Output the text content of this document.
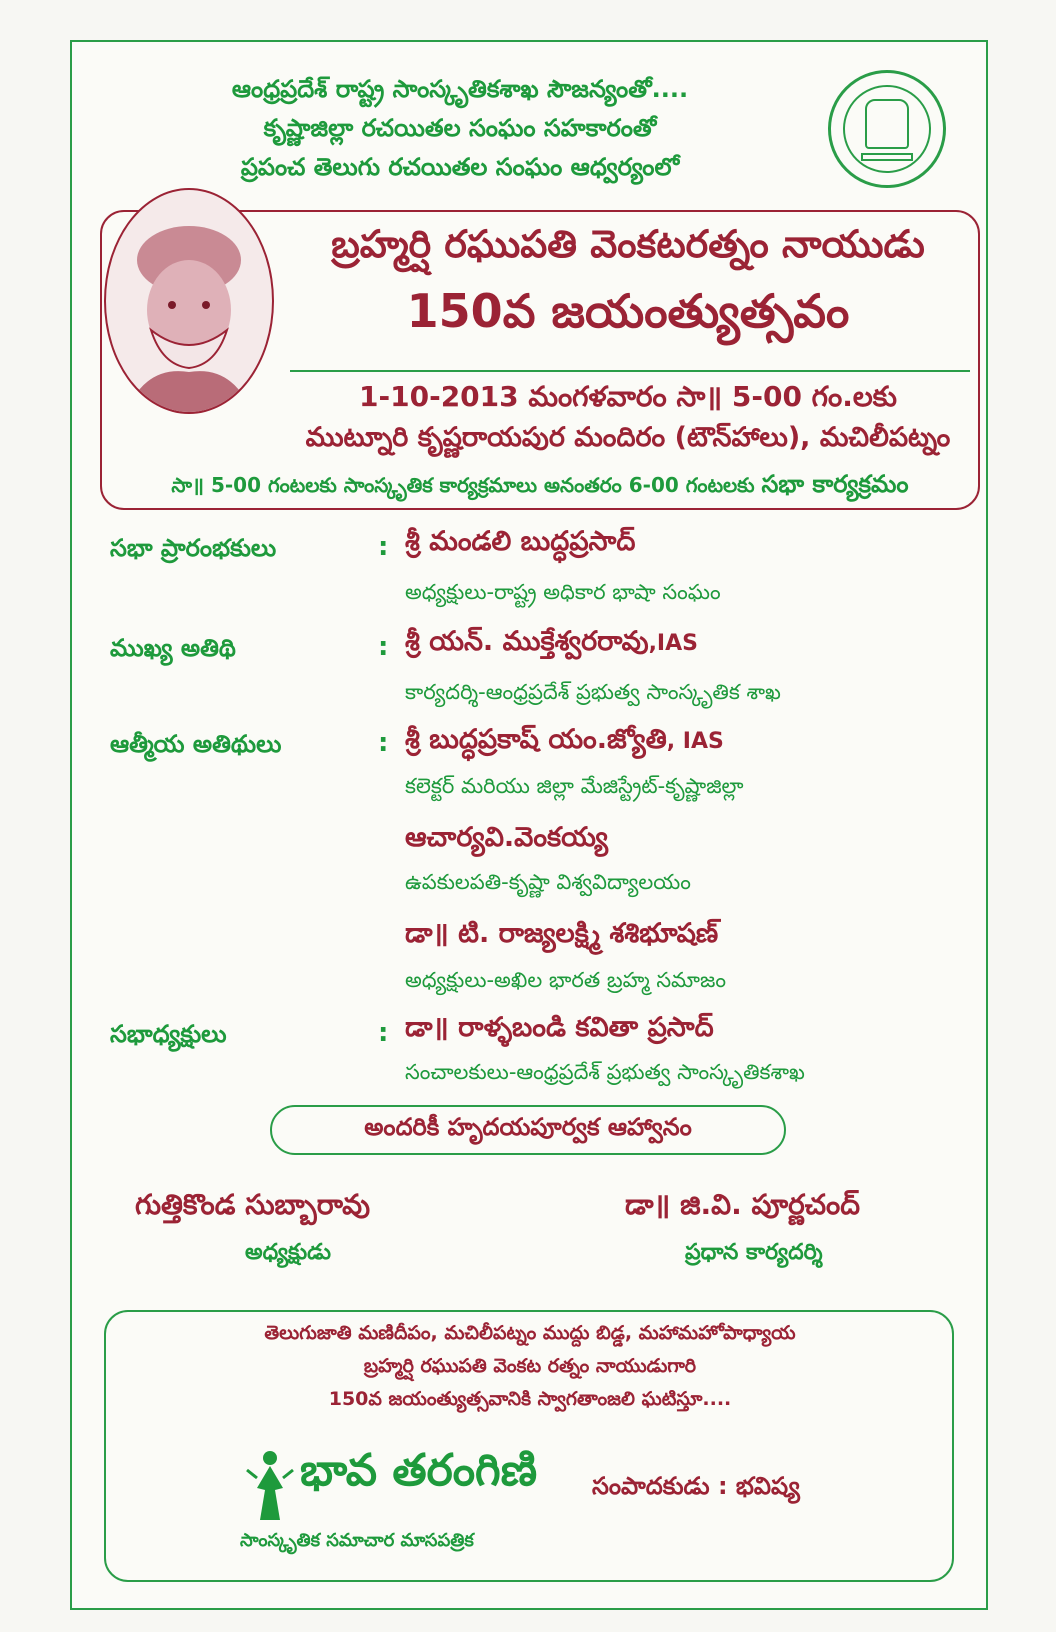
ఆంధ్రప్రదేశ్ రాష్ట్ర సాంస్కృతికశాఖ సౌజన్యంతో....
కృష్ణాజిల్లా రచయితల సంఘం సహకారంతో
ప్రపంచ తెలుగు రచయితల సంఘం ఆధ్వర్యంలో
బ్రహ్మర్షి రఘుపతి వెంకటరత్నం నాయుడు
150వ జయంత్యుత్సవం
1-10-2013 మంగళవారం సా॥ 5-00 గం.లకు
ముట్నూరి కృష్ణరాయపుర మందిరం (టౌన్‌హాలు), మచిలీపట్నం
సా॥ 5-00 గంటలకు సాంస్కృతిక కార్యక్రమాలు అనంతరం 6-00 గంటలకు సభా కార్యక్రమం
సభా ప్రారంభకులు	: శ్రీ మండలి బుద్ధప్రసాద్
అధ్యక్షులు-రాష్ట్ర అధికార భాషా సంఘం
ముఖ్య అతిథి	: శ్రీ యన్. ముక్తేశ్వరరావు,IAS
కార్యదర్శి-ఆంధ్రప్రదేశ్ ప్రభుత్వ సాంస్కృతిక శాఖ
ఆత్మీయ అతిథులు	: శ్రీ బుద్ధప్రకాష్ యం.జ్యోతి, IAS
కలెక్టర్ మరియు జిల్లా మేజిస్ట్రేట్-కృష్ణాజిల్లా
ఆచార్యవి.వెంకయ్య
ఉపకులపతి-కృష్ణా విశ్వవిద్యాలయం
డా॥ టి. రాజ్యలక్ష్మి శశిభూషణ్
అధ్యక్షులు-అఖిల భారత బ్రహ్మ సమాజం
సభాధ్యక్షులు	: డా॥ రాళ్ళబండి కవితా ప్రసాద్
సంచాలకులు-ఆంధ్రప్రదేశ్ ప్రభుత్వ సాంస్కృతికశాఖ
అందరికీ హృదయపూర్వక ఆహ్వానం
గుత్తికొండ సుబ్బారావు
అధ్యక్షుడు
డా॥ జి.వి. పూర్ణచంద్
ప్రధాన కార్యదర్శి
తెలుగుజాతి మణిదీపం, మచిలీపట్నం ముద్దు బిడ్డ, మహామహోపాధ్యాయ
బ్రహ్మర్షి రఘుపతి వెంకట రత్నం నాయుడుగారి
150వ జయంత్యుత్సవానికి స్వాగతాంజలి ఘటిస్తూ....
భావ తరంగిణి
సాంస్కృతిక సమాచార మాసపత్రిక
సంపాదకుడు : భవిష్య
